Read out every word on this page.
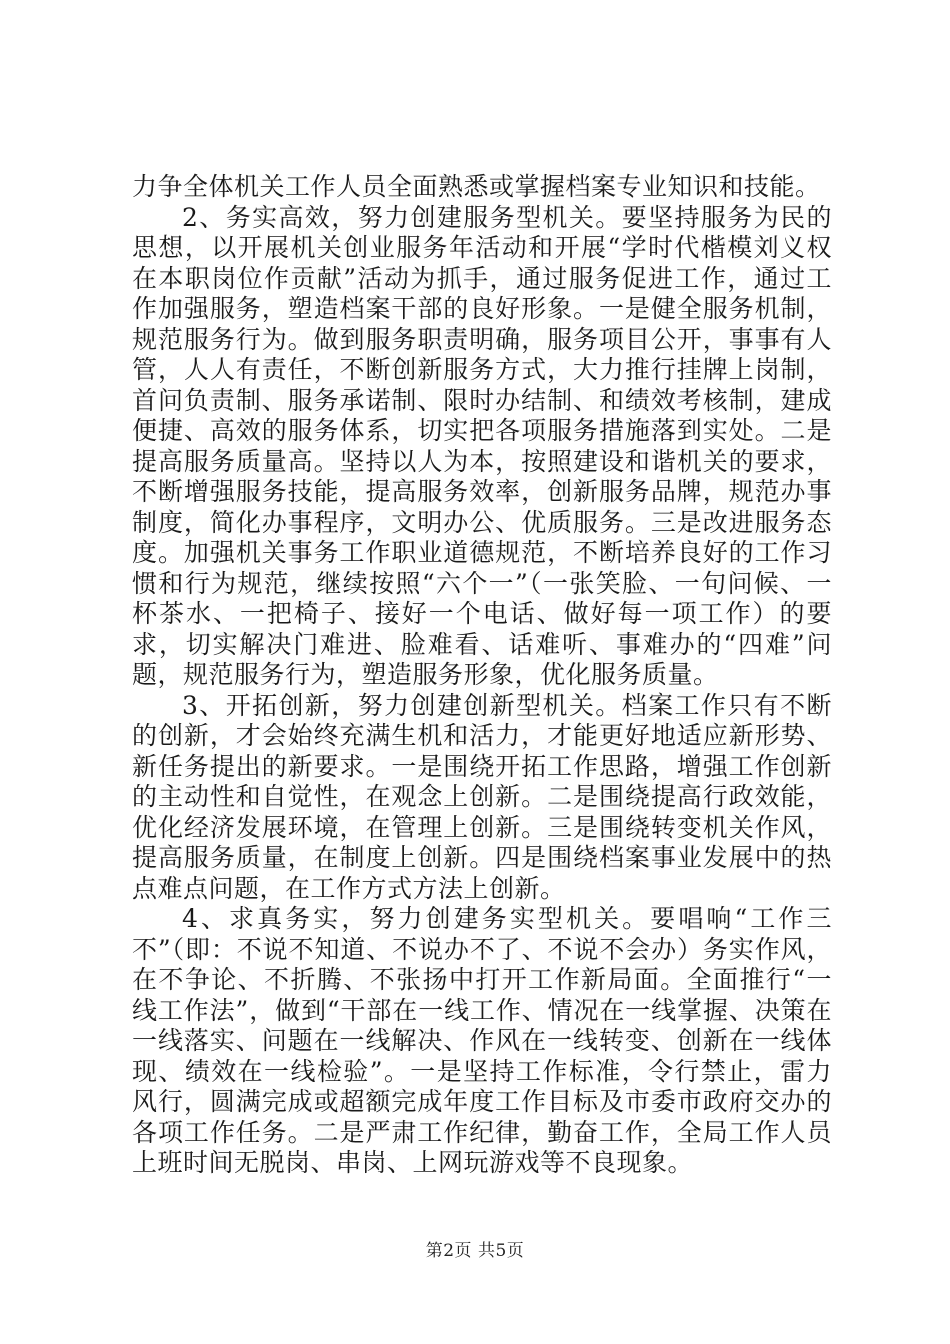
力争全体机关工作人员全面熟悉或掌握档案专业知识和技能。

2、务实高效，努力创建服务型机关。要坚持服务为民的思想，以开展机关创业服务年活动和开展“学时代楷模刘义权在本职岗位作贡献”活动为抓手，通过服务促进工作，通过工作加强服务，塑造档案干部的良好形象。一是健全服务机制，规范服务行为。做到服务职责明确，服务项目公开，事事有人管，人人有责任，不断创新服务方式，大力推行挂牌上岗制，首问负责制、服务承诺制、限时办结制、和绩效考核制，建成便捷、高效的服务体系，切实把各项服务措施落到实处。二是提高服务质量高。坚持以人为本，按照建设和谐机关的要求，不断增强服务技能，提高服务效率，创新服务品牌，规范办事制度，简化办事程序，文明办公、优质服务。三是改进服务态度。加强机关事务工作职业道德规范，不断培养良好的工作习惯和行为规范，继续按照“六个一”（一张笑脸、一句问候、一杯茶水、一把椅子、接好一个电话、做好每一项工作）的要求，切实解决门难进、脸难看、话难听、事难办的“四难”问题，规范服务行为，塑造服务形象，优化服务质量。

3、开拓创新，努力创建创新型机关。档案工作只有不断的创新，才会始终充满生机和活力，才能更好地适应新形势、新任务提出的新要求。一是围绕开拓工作思路，增强工作创新的主动性和自觉性，在观念上创新。二是围绕提高行政效能，优化经济发展环境，在管理上创新。三是围绕转变机关作风，提高服务质量，在制度上创新。四是围绕档案事业发展中的热点难点问题，在工作方式方法上创新。

4、求真务实，努力创建务实型机关。要唱响“工作三不”（即：不说不知道、不说办不了、不说不会办）务实作风，在不争论、不折腾、不张扬中打开工作新局面。全面推行“一线工作法”，做到“干部在一线工作、情况在一线掌握、决策在一线落实、问题在一线解决、作风在一线转变、创新在一线体现、绩效在一线检验”。一是坚持工作标准，令行禁止，雷力风行，圆满完成或超额完成年度工作目标及市委市政府交办的各项工作任务。二是严肃工作纪律，勤奋工作，全局工作人员上班时间无脱岗、串岗、上网玩游戏等不良现象。

第2页 共5页
